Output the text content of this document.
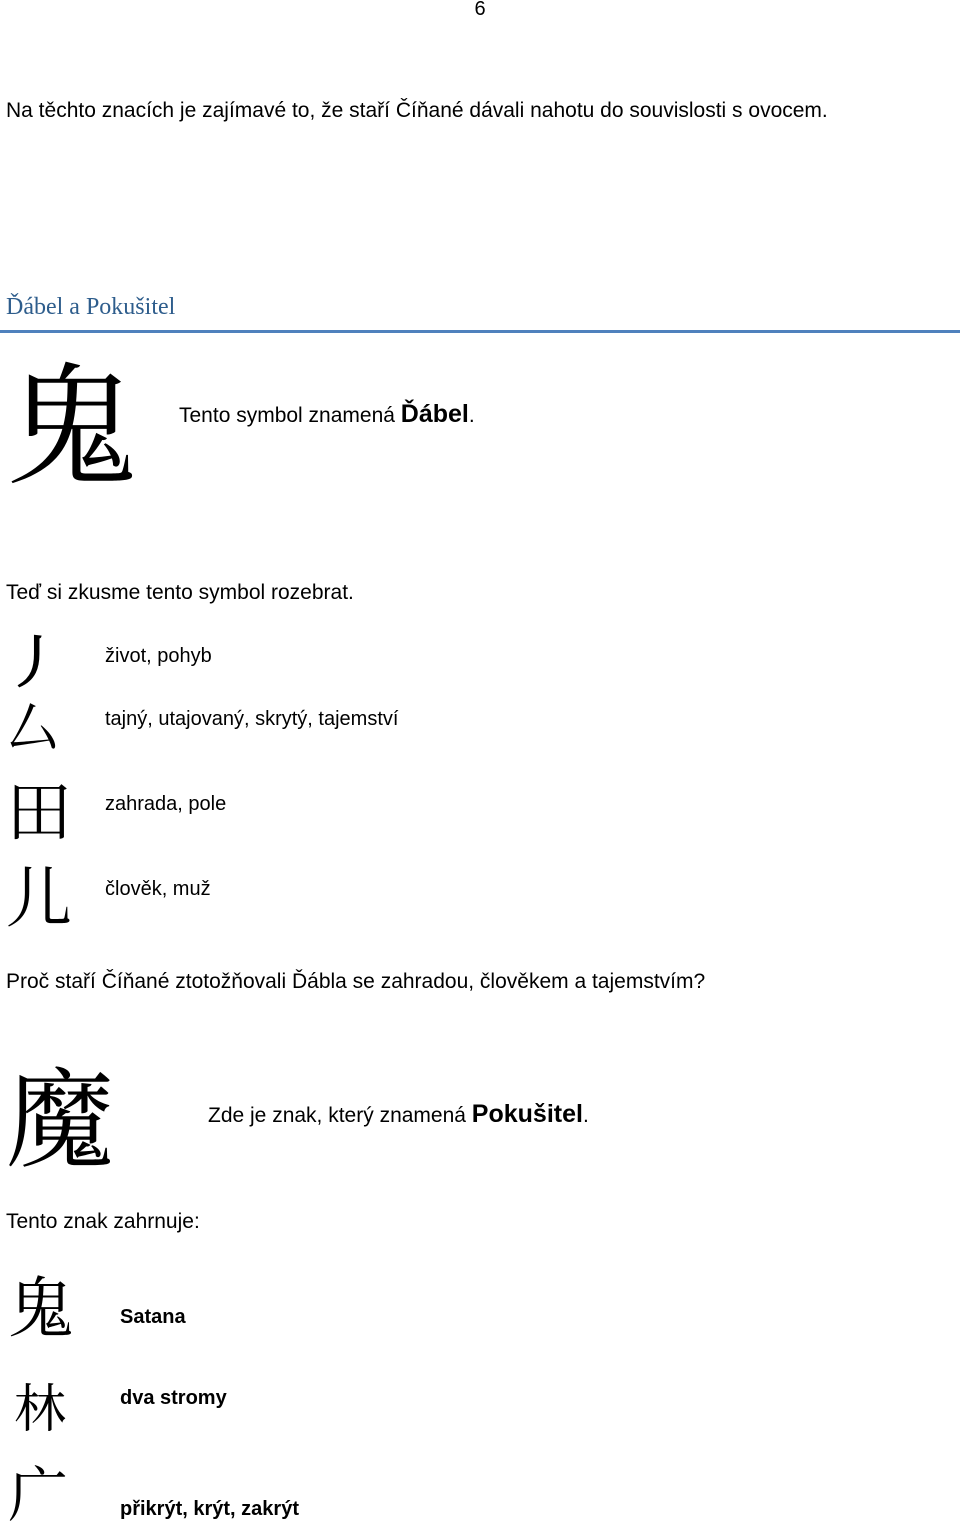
6
Na těchto znacích je zajímavé to, že staří Číňané dávali nahotu do souvislosti s ovocem.
Ďábel a Pokušitel
鬼 Tento symbol znamená Ďábel.
Teď si zkusme tento symbol rozebrat.
丿 život, pohyb
厶 tajný, utajovaný, skrytý, tajemství
田 zahrada, pole
儿 člověk, muž
Proč staří Číňané ztotožňovali Ďábla se zahradou, člověkem a tajemstvím?
魔	Zde je znak, který znamená Pokušitel.
Tento znak zahrnuje:
鬼 Satana
林	dva stromy
广	přikrýt, krýt, zakrýt
